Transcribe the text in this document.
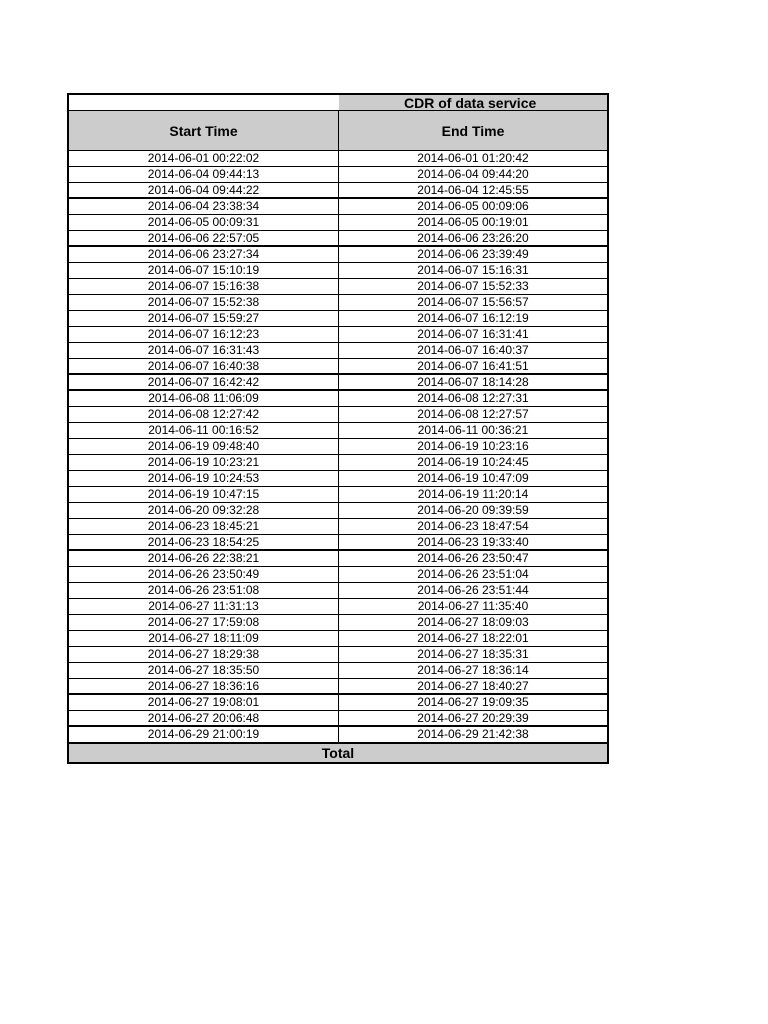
CDR of data service
Start Time	End Time
2014-06-01 00:22:02	2014-06-01 01:20:42
2014-06-04 09:44:13	2014-06-04 09:44:20
2014-06-04 09:44:22	2014-06-04 12:45:55
2014-06-04 23:38:34	2014-06-05 00:09:06
2014-06-05 00:09:31	2014-06-05 00:19:01
2014-06-06 22:57:05	2014-06-06 23:26:20
2014-06-06 23:27:34	2014-06-06 23:39:49
2014-06-07 15:10:19	2014-06-07 15:16:31
2014-06-07 15:16:38	2014-06-07 15:52:33
2014-06-07 15:52:38	2014-06-07 15:56:57
2014-06-07 15:59:27	2014-06-07 16:12:19
2014-06-07 16:12:23	2014-06-07 16:31:41
2014-06-07 16:31:43	2014-06-07 16:40:37
2014-06-07 16:40:38	2014-06-07 16:41:51
2014-06-07 16:42:42	2014-06-07 18:14:28
2014-06-08 11:06:09	2014-06-08 12:27:31
2014-06-08 12:27:42	2014-06-08 12:27:57
2014-06-11 00:16:52	2014-06-11 00:36:21
2014-06-19 09:48:40	2014-06-19 10:23:16
2014-06-19 10:23:21	2014-06-19 10:24:45
2014-06-19 10:24:53	2014-06-19 10:47:09
2014-06-19 10:47:15	2014-06-19 11:20:14
2014-06-20 09:32:28	2014-06-20 09:39:59
2014-06-23 18:45:21	2014-06-23 18:47:54
2014-06-23 18:54:25	2014-06-23 19:33:40
2014-06-26 22:38:21	2014-06-26 23:50:47
2014-06-26 23:50:49	2014-06-26 23:51:04
2014-06-26 23:51:08	2014-06-26 23:51:44
2014-06-27 11:31:13	2014-06-27 11:35:40
2014-06-27 17:59:08	2014-06-27 18:09:03
2014-06-27 18:11:09	2014-06-27 18:22:01
2014-06-27 18:29:38	2014-06-27 18:35:31
2014-06-27 18:35:50	2014-06-27 18:36:14
2014-06-27 18:36:16	2014-06-27 18:40:27
2014-06-27 19:08:01	2014-06-27 19:09:35
2014-06-27 20:06:48	2014-06-27 20:29:39
2014-06-29 21:00:19	2014-06-29 21:42:38
Total
